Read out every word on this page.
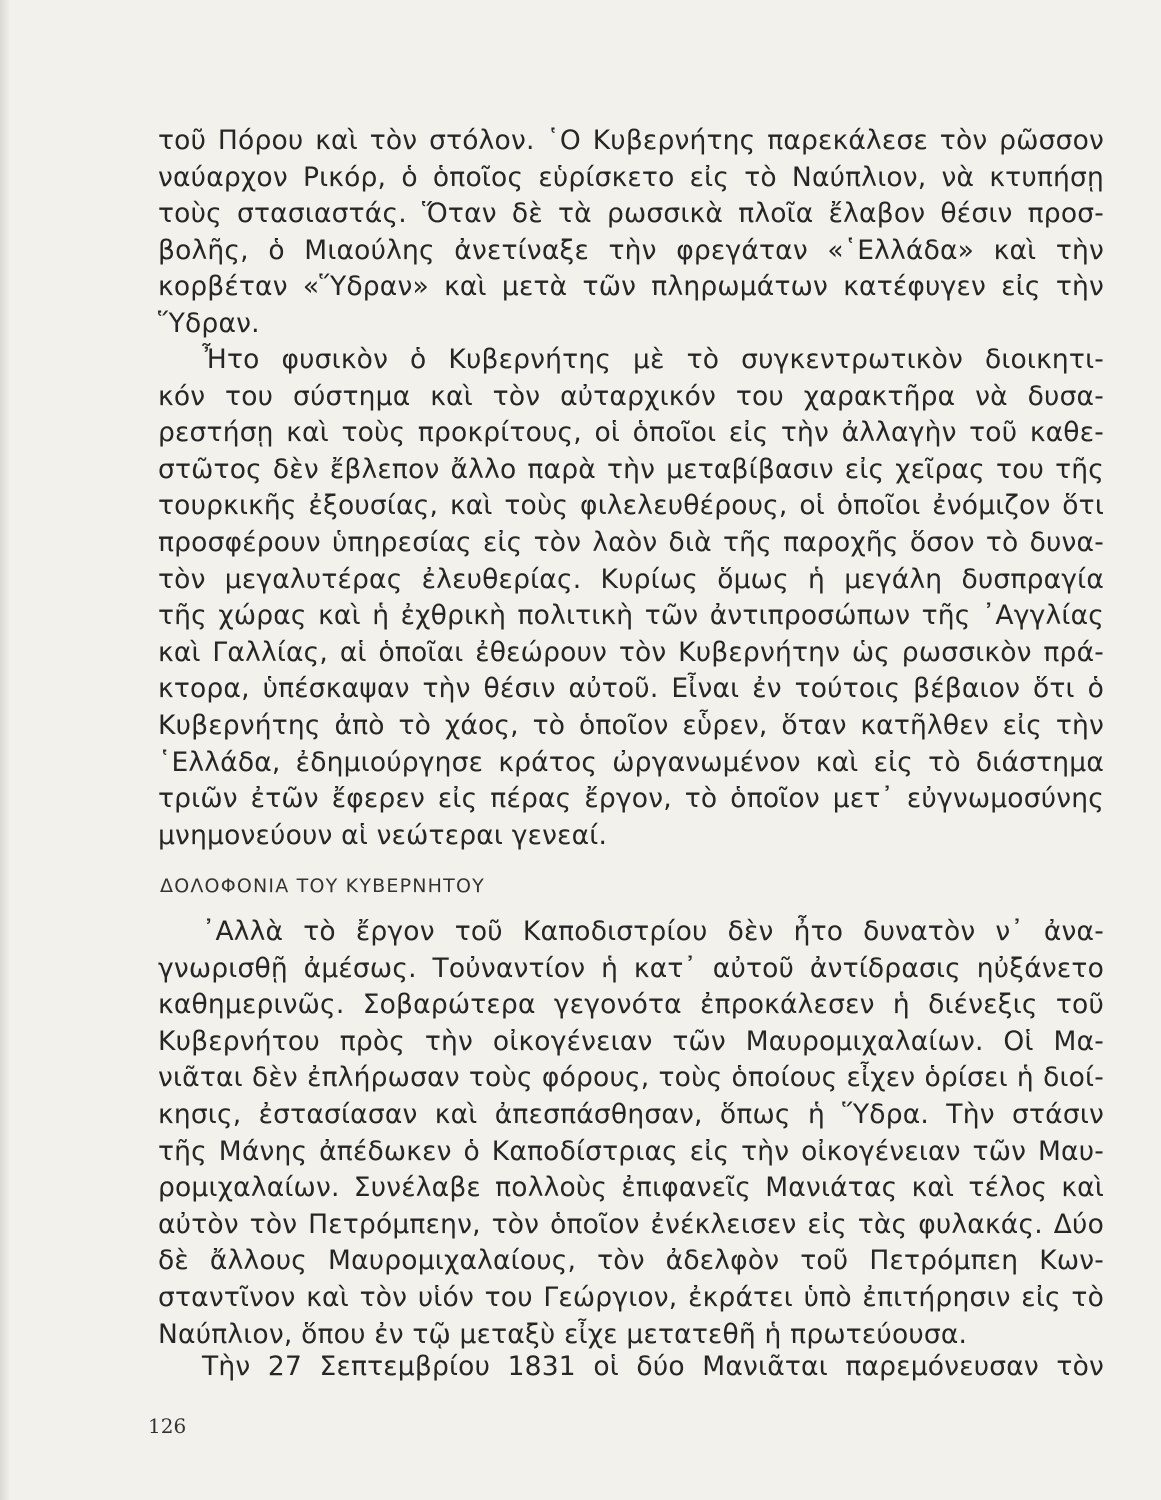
τοῦ Πόρου καὶ τὸν στόλον. ῾Ο Κυβερνήτης παρεκάλεσε τὸν ρῶσσον
ναύαρχον Ρικόρ, ὁ ὁποῖος εὑρίσκετο εἰς τὸ Ναύπλιον, νὰ κτυπήσῃ
τοὺς στασιαστάς. Ὅταν δὲ τὰ ρωσσικὰ πλοῖα ἔλαβον θέσιν προσ-
βολῆς, ὁ Μιαούλης ἀνετίναξε τὴν φρεγάταν «῾Ελλάδα» καὶ τὴν
κορβέταν «Ὕδραν» καὶ μετὰ τῶν πληρωμάτων κατέφυγεν εἰς τὴν
Ὕδραν.
Ἦτο φυσικὸν ὁ Κυβερνήτης μὲ τὸ συγκεντρωτικὸν διοικητι-
κόν του σύστημα καὶ τὸν αὐταρχικόν του χαρακτῆρα νὰ δυσα-
ρεστήσῃ καὶ τοὺς προκρίτους, οἱ ὁποῖοι εἰς τὴν ἀλλαγὴν τοῦ καθε-
στῶτος δὲν ἔβλεπον ἄλλο παρὰ τὴν μεταβίβασιν εἰς χεῖρας του τῆς
τουρκικῆς ἐξουσίας, καὶ τοὺς φιλελευθέρους, οἱ ὁποῖοι ἐνόμιζον ὅτι
προσφέρουν ὑπηρεσίας εἰς τὸν λαὸν διὰ τῆς παροχῆς ὅσον τὸ δυνα-
τὸν μεγαλυτέρας ἐλευθερίας. Κυρίως ὅμως ἡ μεγάλη δυσπραγία
τῆς χώρας καὶ ἡ ἐχθρικὴ πολιτικὴ τῶν ἀντιπροσώπων τῆς ᾿Αγγλίας
καὶ Γαλλίας, αἱ ὁποῖαι ἐθεώρουν τὸν Κυβερνήτην ὡς ρωσσικὸν πρά-
κτορα, ὑπέσκαψαν τὴν θέσιν αὐτοῦ. Εἶναι ἐν τούτοις βέβαιον ὅτι ὁ
Κυβερνήτης ἀπὸ τὸ χάος, τὸ ὁποῖον εὗρεν, ὅταν κατῆλθεν εἰς τὴν
῾Ελλάδα, ἐδημιούργησε κράτος ὠργανωμένον καὶ εἰς τὸ διάστημα
τριῶν ἐτῶν ἔφερεν εἰς πέρας ἔργον, τὸ ὁποῖον μετ᾿ εὐγνωμοσύνης
μνημονεύουν αἱ νεώτεραι γενεαί.
ΔΟΛΟΦΟΝΙΑ ΤΟΥ ΚΥΒΕΡΝΗΤΟΥ
᾿Αλλὰ τὸ ἔργον τοῦ Καποδιστρίου δὲν ἦτο δυνατὸν ν᾿ ἀνα-
γνωρισθῇ ἀμέσως. Τοὐναντίον ἡ κατ᾿ αὐτοῦ ἀντίδρασις ηὐξάνετο
καθημερινῶς. Σοβαρώτερα γεγονότα ἐπροκάλεσεν ἡ διένεξις τοῦ
Κυβερνήτου πρὸς τὴν οἰκογένειαν τῶν Μαυρομιχαλαίων. Οἱ Μα-
νιᾶται δὲν ἐπλήρωσαν τοὺς φόρους, τοὺς ὁποίους εἶχεν ὁρίσει ἡ διοί-
κησις, ἐστασίασαν καὶ ἀπεσπάσθησαν, ὅπως ἡ Ὕδρα. Τὴν στάσιν
τῆς Μάνης ἀπέδωκεν ὁ Καποδίστριας εἰς τὴν οἰκογένειαν τῶν Μαυ-
ρομιχαλαίων. Συνέλαβε πολλοὺς ἐπιφανεῖς Μανιάτας καὶ τέλος καὶ
αὐτὸν τὸν Πετρόμπεην, τὸν ὁποῖον ἐνέκλεισεν εἰς τὰς φυλακάς. Δύο
δὲ ἄλλους Μαυρομιχαλαίους, τὸν ἀδελφὸν τοῦ Πετρόμπεη Κων-
σταντῖνον καὶ τὸν υἱόν του Γεώργιον, ἐκράτει ὑπὸ ἐπιτήρησιν εἰς τὸ
Ναύπλιον, ὅπου ἐν τῷ μεταξὺ εἶχε μετατεθῆ ἡ πρωτεύουσα.
Τὴν 27 Σεπτεμβρίου 1831 οἱ δύο Μανιᾶται παρεμόνευσαν τὸν
126
